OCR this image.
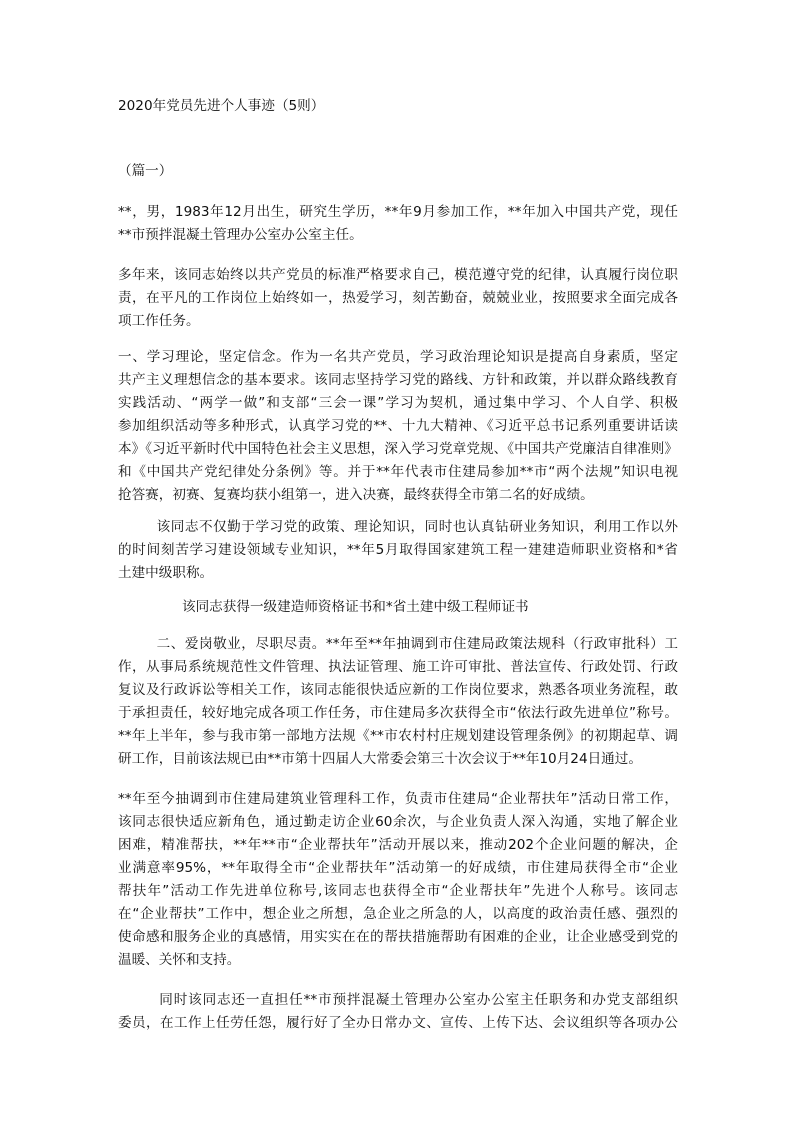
2020年党员先进个人事迹（5则）
（篇一）
**，男，1983年12月出生，研究生学历，**年9月参加工作，**年加入中国共产党，现任
**市预拌混凝土管理办公室办公室主任。
多年来，该同志始终以共产党员的标准严格要求自己，模范遵守党的纪律，认真履行岗位职
责，在平凡的工作岗位上始终如一，热爱学习，刻苦勤奋，兢兢业业，按照要求全面完成各
项工作任务。
一、学习理论，坚定信念。作为一名共产党员，学习政治理论知识是提高自身素质，坚定
共产主义理想信念的基本要求。该同志坚持学习党的路线、方针和政策，并以群众路线教育
实践活动、“两学一做”和支部“三会一课”学习为契机，通过集中学习、个人自学、积极
参加组织活动等多种形式，认真学习党的**、十九大精神、《习近平总书记系列重要讲话读
本》《习近平新时代中国特色社会主义思想，深入学习党章党规、《中国共产党廉洁自律准则》
和《中国共产党纪律处分条例》等。并于**年代表市住建局参加**市“两个法规”知识电视
抢答赛，初赛、复赛均获小组第一，进入决赛，最终获得全市第二名的好成绩。
该同志不仅勤于学习党的政策、理论知识，同时也认真钻研业务知识，利用工作以外
的时间刻苦学习建设领域专业知识，**年5月取得国家建筑工程一建建造师职业资格和*省
土建中级职称。
该同志获得一级建造师资格证书和*省土建中级工程师证书
二、爱岗敬业，尽职尽责。**年至**年抽调到市住建局政策法规科（行政审批科）工
作，从事局系统规范性文件管理、执法证管理、施工许可审批、普法宣传、行政处罚、行政
复议及行政诉讼等相关工作，该同志能很快适应新的工作岗位要求，熟悉各项业务流程，敢
于承担责任，较好地完成各项工作任务，市住建局多次获得全市“依法行政先进单位”称号。
**年上半年，参与我市第一部地方法规《**市农村村庄规划建设管理条例》的初期起草、调
研工作，目前该法规已由**市第十四届人大常委会第三十次会议于**年10月24日通过。
**年至今抽调到市住建局建筑业管理科工作，负责市住建局“企业帮扶年”活动日常工作，
该同志很快适应新角色，通过勤走访企业60余次，与企业负责人深入沟通，实地了解企业
困难，精准帮扶，**年**市“企业帮扶年”活动开展以来，推动202个企业问题的解决，企
业满意率95%，**年取得全市“企业帮扶年”活动第一的好成绩，市住建局获得全市“企业
帮扶年”活动工作先进单位称号,该同志也获得全市“企业帮扶年”先进个人称号。该同志
在“企业帮扶”工作中，想企业之所想，急企业之所急的人，以高度的政治责任感、强烈的
使命感和服务企业的真感情，用实实在在的帮扶措施帮助有困难的企业，让企业感受到党的
温暖、关怀和支持。
同时该同志还一直担任**市预拌混凝土管理办公室办公室主任职务和办党支部组织
委员，在工作上任劳任怨，履行好了全办日常办文、宣传、上传下达、会议组织等各项办公
